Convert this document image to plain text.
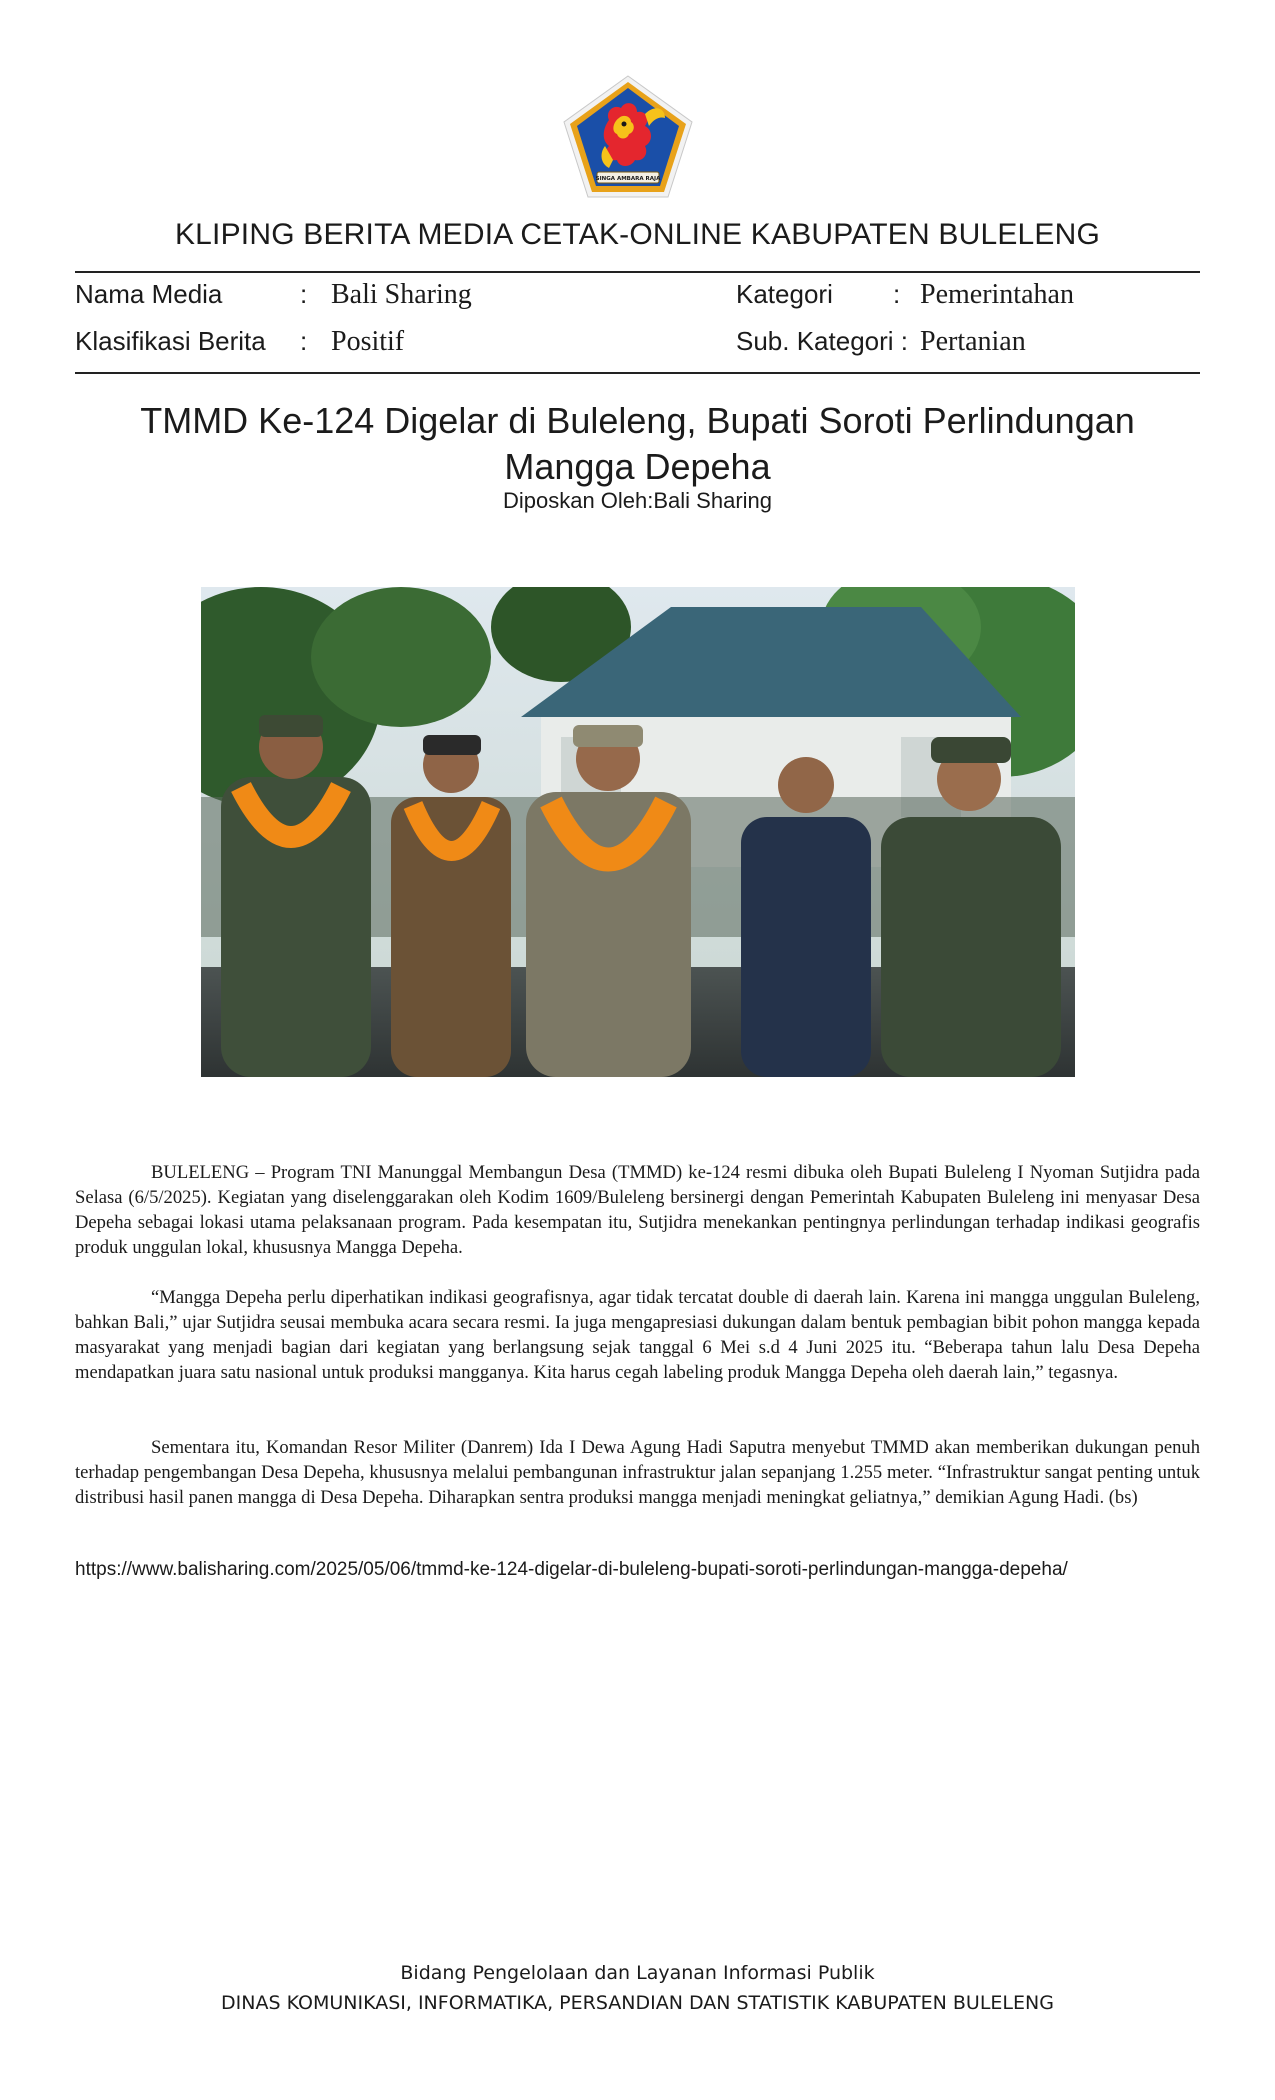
SINGA AMBARA RAJA
KLIPING BERITA MEDIA CETAK-ONLINE KABUPATEN BULELENG
Nama Media	: Bali Sharing	Kategori : Pemerintahan
Klasifikasi Berita : Positif	Sub. Kategori : Pertanian
TMMD Ke-124 Digelar di Buleleng, Bupati Soroti Perlindungan Mangga Depeha
Diposkan Oleh:Bali Sharing

BULELENG – Program TNI Manunggal Membangun Desa (TMMD) ke-124 resmi dibuka oleh Bupati Buleleng I Nyoman Sutjidra pada Selasa (6/5/2025). Kegiatan yang diselenggarakan oleh Kodim 1609/Buleleng bersinergi dengan Pemerintah Kabupaten Buleleng ini menyasar Desa Depeha sebagai lokasi utama pelaksanaan program. Pada kesempatan itu, Sutjidra menekankan pentingnya perlindungan terhadap indikasi geografis produk unggulan lokal, khususnya Mangga Depeha.

“Mangga Depeha perlu diperhatikan indikasi geografisnya, agar tidak tercatat double di daerah lain. Karena ini mangga unggulan Buleleng, bahkan Bali,” ujar Sutjidra seusai membuka acara secara resmi. Ia juga mengapresiasi dukungan dalam bentuk pembagian bibit pohon mangga kepada masyarakat yang menjadi bagian dari kegiatan yang berlangsung sejak tanggal 6 Mei s.d 4 Juni 2025 itu. “Beberapa tahun lalu Desa Depeha mendapatkan juara satu nasional untuk produksi mangganya. Kita harus cegah labeling produk Mangga Depeha oleh daerah lain,” tegasnya.

Sementara itu, Komandan Resor Militer (Danrem) Ida I Dewa Agung Hadi Saputra menyebut TMMD akan memberikan dukungan penuh terhadap pengembangan Desa Depeha, khususnya melalui pembangunan infrastruktur jalan sepanjang 1.255 meter. “Infrastruktur sangat penting untuk distribusi hasil panen mangga di Desa Depeha. Diharapkan sentra produksi mangga menjadi meningkat geliatnya,” demikian Agung Hadi. (bs)

https://www.balisharing.com/2025/05/06/tmmd-ke-124-digelar-di-buleleng-bupati-soroti-perlindungan-mangga-depeha/
Bidang Pengelolaan dan Layanan Informasi Publik
DINAS KOMUNIKASI, INFORMATIKA, PERSANDIAN DAN STATISTIK KABUPATEN BULELENG
